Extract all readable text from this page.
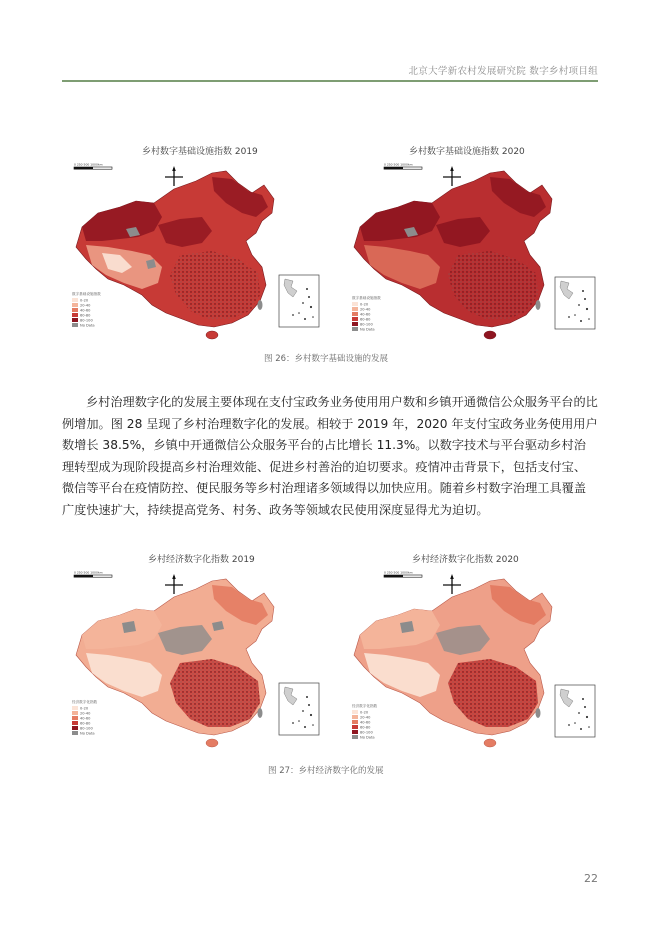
北京大学新农村发展研究院 数字乡村项目组
乡村数字基础设施指数 2019	乡村数字基础设施指数 2020
数字基础设施指数
0-20
20-40
40-60
60-80
80-100
No Data
数字基础设施指数
0-20
20-40
40-60
60-80
80-100
No Data
图 26：乡村数字基础设施的发展

乡村治理数字化的发展主要体现在支付宝政务业务使用用户数和乡镇开通微信公众服务平台的比例增加。图 28 呈现了乡村治理数字化的发展。相较于 2019 年，2020 年支付宝政务业务使用用户数增长 38.5%，乡镇中开通微信公众服务平台的占比增长 11.3%。以数字技术与平台驱动乡村治理转型成为现阶段提高乡村治理效能、促进乡村善治的迫切要求。疫情冲击背景下，包括支付宝、微信等平台在疫情防控、便民服务等乡村治理诸多领域得以加快应用。随着乡村数字治理工具覆盖广度快速扩大，持续提高党务、村务、政务等领域农民使用深度显得尤为迫切。

乡村经济数字化指数 2019	乡村经济数字化指数 2020
经济数字化指数
0-20
20-40
40-60
60-80
80-100
No Data
经济数字化指数
0-20
20-40
40-60
60-80
80-100
No Data
图 27：乡村经济数字化的发展
22
